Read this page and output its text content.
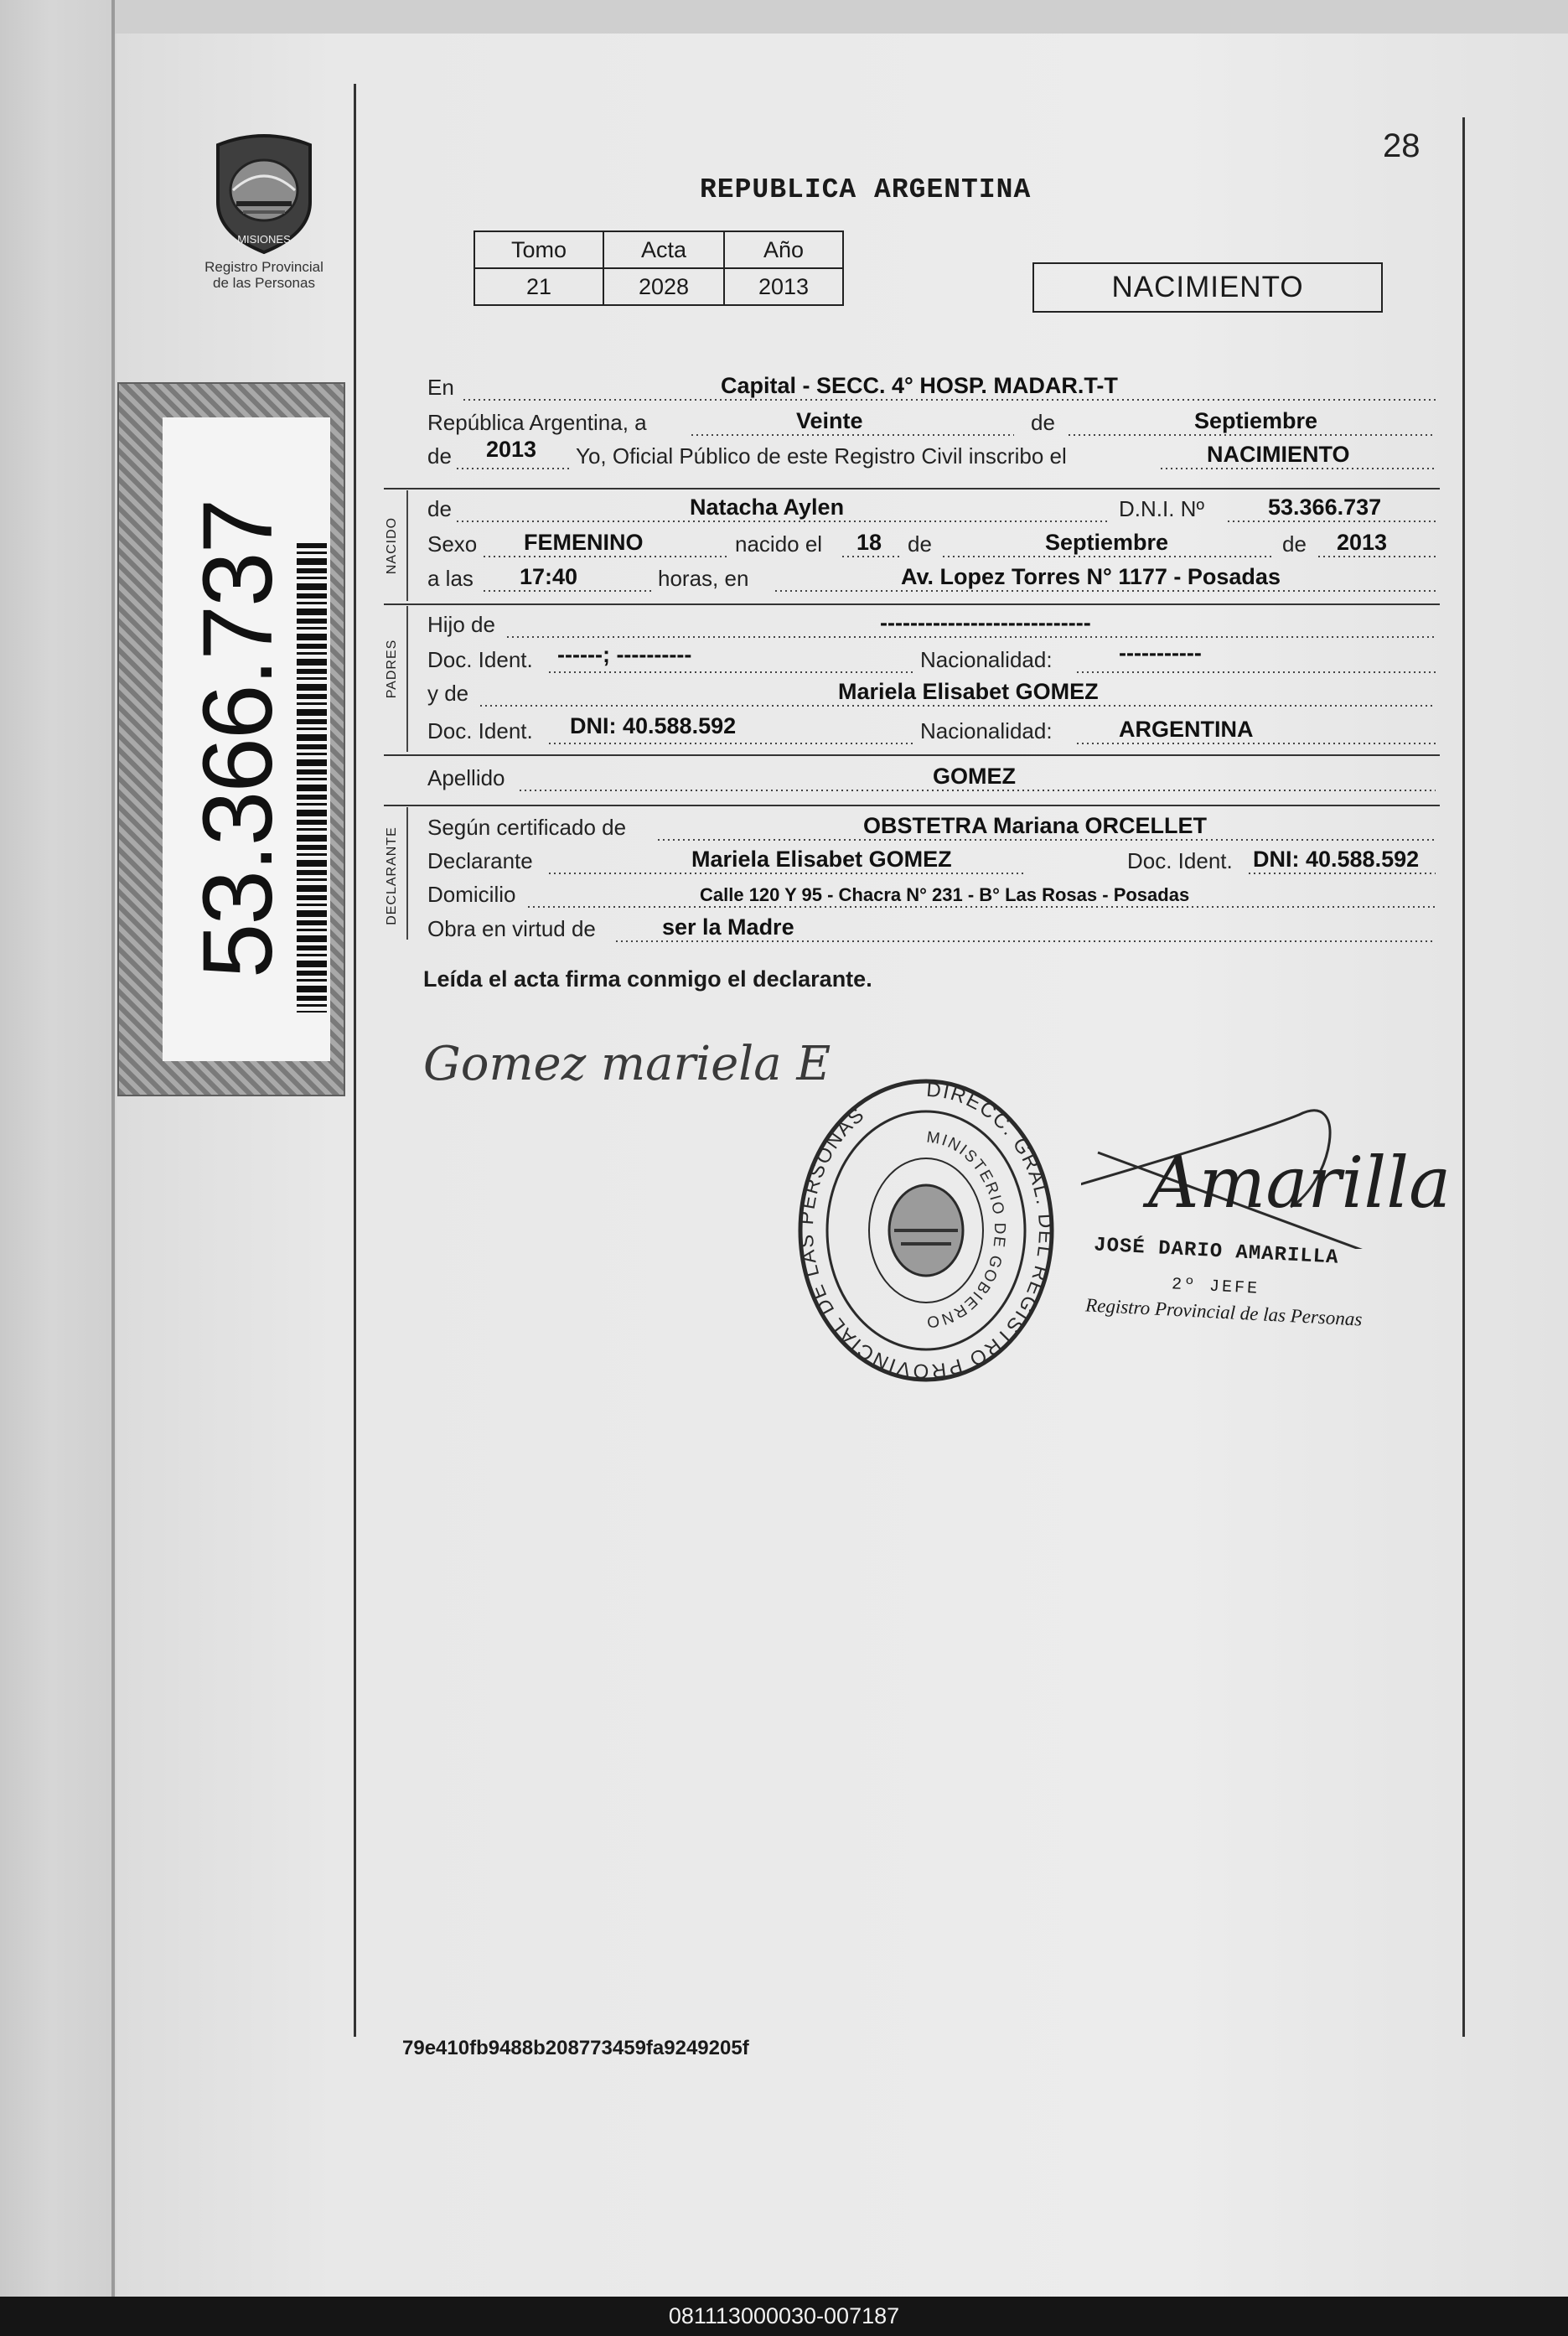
MISIONES
Registro Provincial
de las Personas
53.366.737
28
REPUBLICA ARGENTINA
Tomo	Acta	Año
21	2028	2013	NACIMIENTO
NACIDO
PADRES
DECLARANTE
En	Capital - SECC. 4° HOSP. MADAR.T-T
República Argentina, a	Veinte	de	Septiembre
de 2013 Yo, Oficial Público de este Registro Civil inscribo el	NACIMIENTO
de	Natacha Aylen	D.N.I. Nº	53.366.737
Sexo FEMENINO	nacido el 18 de	Septiembre	de 2013
a las 17:40	horas, en	Av. Lopez Torres N° 1177 - Posadas
Hijo de	----------------------------
Doc. Ident. ------; ----------	Nacionalidad:	-----------
y de	Mariela Elisabet GOMEZ
Doc. Ident. DNI: 40.588.592	Nacionalidad:	ARGENTINA
Apellido	GOMEZ
Según certificado de	OBSTETRA Mariana ORCELLET
Declarante	Mariela Elisabet GOMEZ	Doc. Ident. DNI: 40.588.592
Domicilio	Calle 120 Y 95 - Chacra N° 231 - B° Las Rosas - Posadas
Obra en virtud de	ser la Madre
Leída el acta firma conmigo el declarante.
Gomez mariela E	DIRECC. GRAL. DEL REGISTRO PROVINCIAL DE LAS PERSONAS
MINISTERIO DE GOBIERNO
Amarilla
JOSÉ DARIO AMARILLA
2º JEFE
Registro Provincial de las Personas
79e410fb9488b208773459fa9249205f
081113000030-007187
